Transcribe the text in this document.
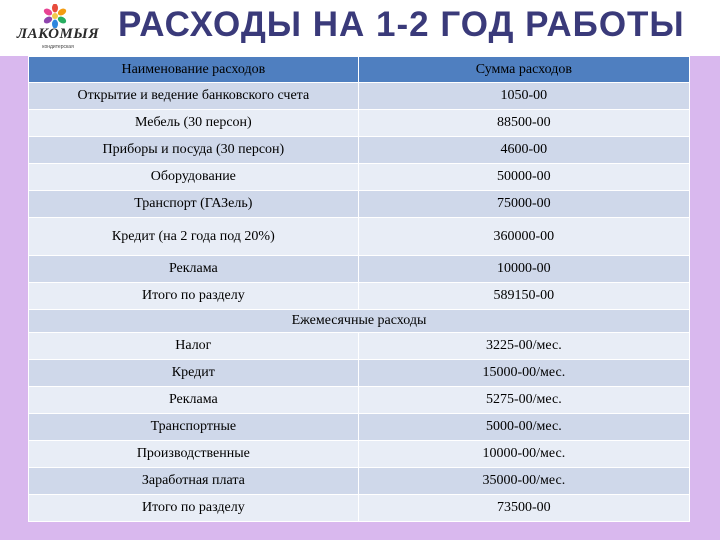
ЛАКОМЫЯ
кондитерская
РАСХОДЫ НА 1-2 ГОД РАБОТЫ
Наименование расходов	Сумма расходов
Открытие и ведение банковского счета	1050-00
Мебель (30 персон)	88500-00
Приборы и посуда (30 персон)	4600-00
Оборудование	50000-00
Транспорт (ГАЗель)	75000-00
Кредит (на 2 года под 20%)	360000-00
Реклама	10000-00
Итого по разделу	589150-00
Ежемесячные расходы	
Налог	3225-00/мес.
Кредит	15000-00/мес.
Реклама	5275-00/мес.
Транспортные	5000-00/мес.
Производственные	10000-00/мес.
Заработная плата	35000-00/мес.
Итого по разделу	73500-00
